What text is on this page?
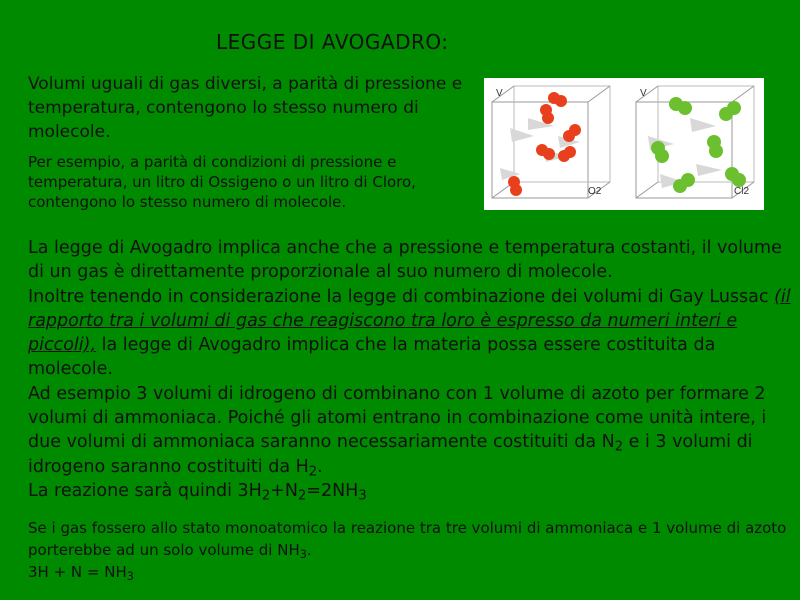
LEGGE DI AVOGADRO:
Volumi uguali di gas diversi, a parità di pressione e temperatura, contengono lo stesso numero di molecole.
Per esempio, a parità di condizioni di pressione e temperatura, un litro di Ossigeno o un litro di Cloro, contengono lo stesso numero di molecole.
V
O2
V
Cl2

La legge di Avogadro implica anche che a pressione e temperatura costanti, il volume di un gas è direttamente proporzionale al suo numero di molecole.

Inoltre tenendo in considerazione la legge di combinazione dei volumi di Gay Lussac (il rapporto tra i volumi di gas che reagiscono tra loro è espresso da numeri interi e piccoli), la legge di Avogadro implica che la materia possa essere costituita da molecole.

Ad esempio 3 volumi di idrogeno di combinano con 1 volume di azoto per formare 2 volumi di ammoniaca. Poiché gli atomi entrano in combinazione come unità intere, i due volumi di ammoniaca saranno necessariamente costituiti da $N_2$ e i 3 volumi di idrogeno saranno costituiti da $H_2$.

La reazione sarà quindi $3H_2+N_2=2NH_3$

Se i gas fossero allo stato monoatomico la reazione tra tre volumi di ammoniaca e 1 volume di azoto porterebbe ad un solo volume di $NH_3$.

$3H + N = NH_3$
